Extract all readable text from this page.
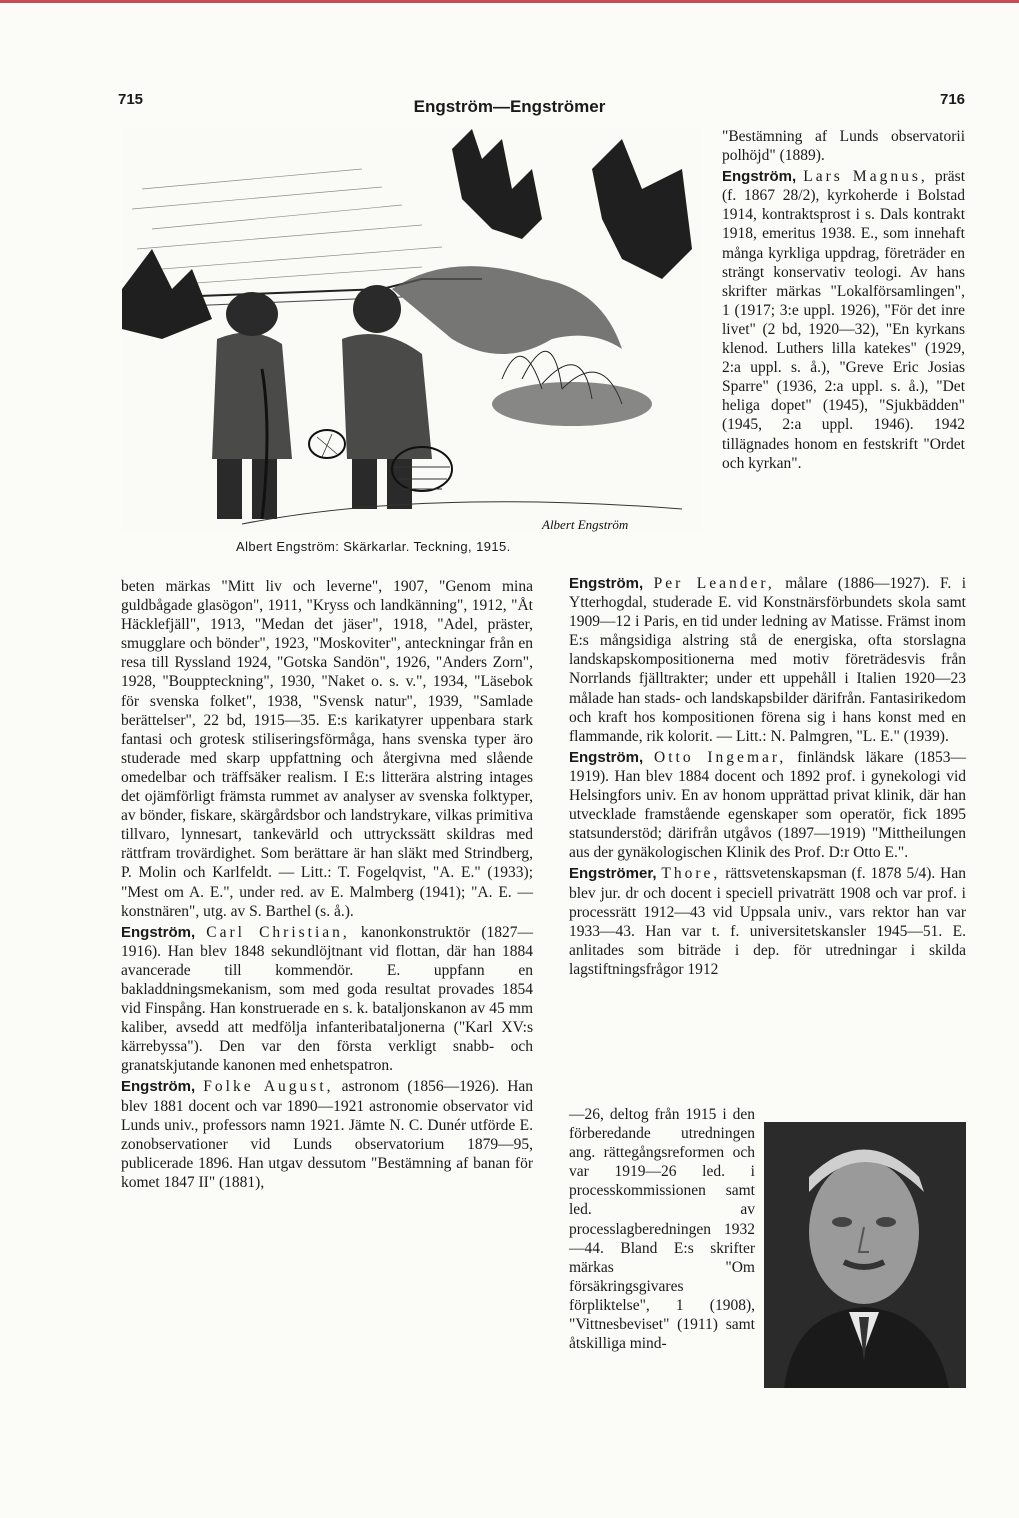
715	Engström—Engströmer	716
Albert Engström
Albert Engström: Skärkarlar. Teckning, 1915.

"Bestämning af Lunds observatorii polhöjd" (1889).

Engström, Lars Magnus, präst (f. 1867 28/2), kyrkoherde i Bolstad 1914, kontraktsprost i s. Dals kontrakt 1918, emeritus 1938. E., som innehaft många kyrkliga uppdrag, företräder en strängt konservativ teologi. Av hans skrifter märkas "Lokalförsamlingen", 1 (1917; 3:e uppl. 1926), "För det inre livet" (2 bd, 1920—32), "En kyrkans klenod. Luthers lilla katekes" (1929, 2:a uppl. s. å.), "Greve Eric Josias Sparre" (1936, 2:a uppl. s. å.), "Det heliga dopet" (1945), "Sjukbädden" (1945, 2:a uppl. 1946). 1942 tillägnades honom en festskrift "Ordet och kyrkan".

beten märkas "Mitt liv och leverne", 1907, "Genom mina guldbågade glasögon", 1911, "Kryss och landkänning", 1912, "Åt Häcklefjäll", 1913, "Medan det jäser", 1918, "Adel, präster, smugglare och bönder", 1923, "Moskoviter", anteckningar från en resa till Ryssland 1924, "Gotska Sandön", 1926, "Anders Zorn", 1928, "Bouppteckning", 1930, "Naket o. s. v.", 1934, "Läsebok för svenska folket", 1938, "Svensk natur", 1939, "Samlade berättelser", 22 bd, 1915—35. E:s karikatyrer uppenbara stark fantasi och grotesk stiliseringsförmåga, hans svenska typer äro studerade med skarp uppfattning och återgivna med slående omedelbar och träffsäker realism. I E:s litterära alstring intages det ojämförligt främsta rummet av analyser av svenska folktyper, av bönder, fiskare, skärgårdsbor och landstrykare, vilkas primitiva tillvaro, lynnesart, tankevärld och uttryckssätt skildras med rättfram trovärdighet. Som berättare är han släkt med Strindberg, P. Molin och Karlfeldt. — Litt.: T. Fogelqvist, "A. E." (1933); "Mest om A. E.", under red. av E. Malmberg (1941); "A. E. — konstnären", utg. av S. Barthel (s. å.).

Engström, Carl Christian, kanonkonstruktör (1827—1916). Han blev 1848 sekundlöjtnant vid flottan, där han 1884 avancerade till kommendör. E. uppfann en bakladdningsmekanism, som med goda resultat provades 1854 vid Finspång. Han konstruerade en s. k. bataljonskanon av 45 mm kaliber, avsedd att medfölja infanteribataljonerna ("Karl XV:s kärrebyssa"). Den var den första verkligt snabb- och granatskjutande kanonen med enhetspatron.

Engström, Folke August, astronom (1856—1926). Han blev 1881 docent och var 1890—1921 astronomie observator vid Lunds univ., professors namn 1921. Jämte N. C. Dunér utförde E. zonobservationer vid Lunds observatorium 1879—95, publicerade 1896. Han utgav dessutom "Bestämning af banan för komet 1847 II" (1881),

Engström, Per Leander, målare (1886—1927). F. i Ytterhogdal, studerade E. vid Konstnärsförbundets skola samt 1909—12 i Paris, en tid under ledning av Matisse. Främst inom E:s mångsidiga alstring stå de energiska, ofta storslagna landskapskompositionerna med motiv företrädesvis från Norrlands fjälltrakter; under ett uppehåll i Italien 1920—23 målade han stads- och landskapsbilder därifrån. Fantasirikedom och kraft hos kompositionen förena sig i hans konst med en flammande, rik kolorit. — Litt.: N. Palmgren, "L. E." (1939).

Engström, Otto Ingemar, finländsk läkare (1853—1919). Han blev 1884 docent och 1892 prof. i gynekologi vid Helsingfors univ. En av honom upprättad privat klinik, där han utvecklade framstående egenskaper som operatör, fick 1895 statsunderstöd; därifrån utgåvos (1897—1919) "Mittheilungen aus der gynäkologischen Klinik des Prof. D:r Otto E.".

Engströmer, Thore, rättsvetenskapsman (f. 1878 5/4). Han blev jur. dr och docent i speciell privaträtt 1908 och var prof. i processrätt 1912—43 vid Uppsala univ., vars rektor han var 1933—43. Han var t. f. universitetskansler 1945—51. E. anlitades som biträde i dep. för utredningar i skilda lagstiftningsfrågor 1912

—26, deltog från 1915 i den förberedande utredningen ang. rättegångsreformen och var 1919—26 led. i processkommissionen samt led. av processlagberedningen 1932—44. Bland E:s skrifter märkas "Om försäkringsgivares förpliktelse", 1 (1908), "Vittnesbeviset" (1911) samt åtskilliga mind-
